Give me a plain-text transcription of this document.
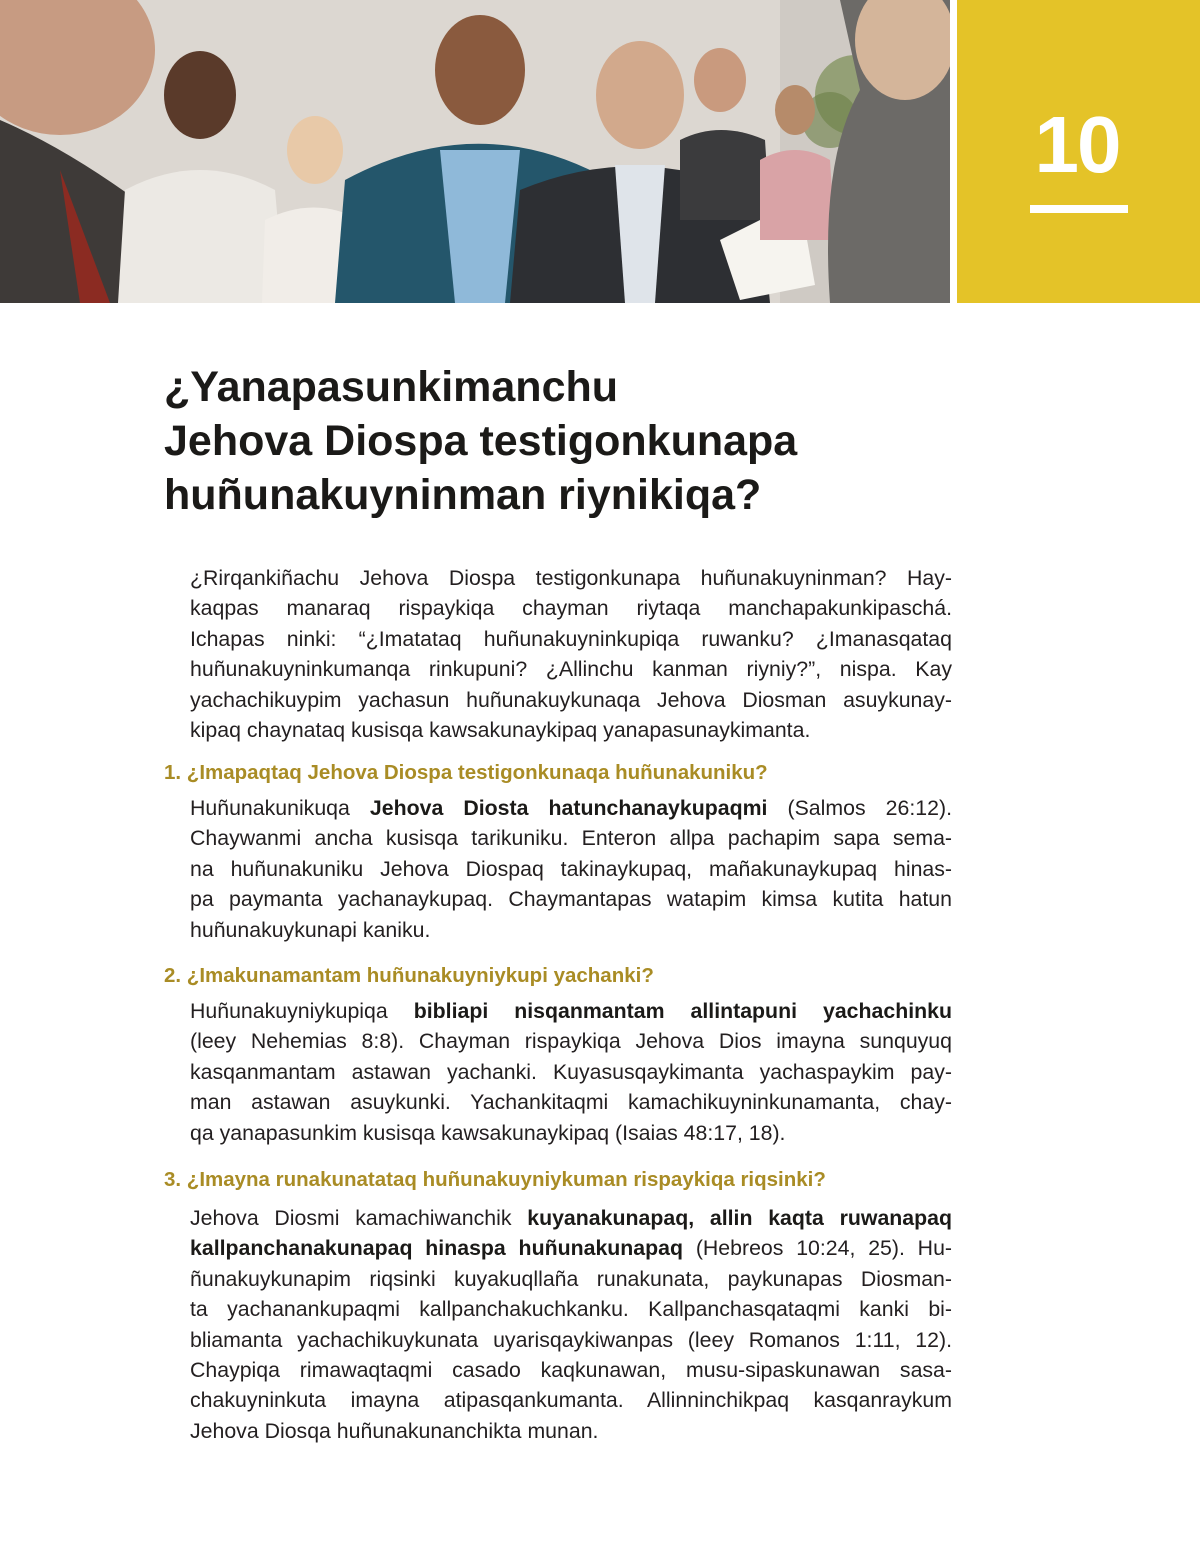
10
¿Yanapasunkimanchu
Jehova Diospa testigonkunapa
huñunakuyninman riynikiqa?
¿Rirqankiñachu Jehova Diospa testigonkunapa huñunakuyninman? Hay-
kaqpas manaraq rispaykiqa chayman riytaqa manchapakunkipaschá.
Ichapas ninki: “¿Imatataq huñunakuyninkupiqa ruwanku? ¿Imanasqataq
huñunakuyninkumanqa rinkupuni? ¿Allinchu kanman riyniy?”, nispa. Kay
yachachikuypim yachasun huñunakuykunaqa Jehova Diosman asuykunay-
kipaq chaynataq kusisqa kawsakunaykipaq yanapasunaykimanta.
1. ¿Imapaqtaq Jehova Diospa testigonkunaqa huñunakuniku?
Huñunakunikuqa Jehova Diosta hatunchanaykupaqmi (Salmos 26:12).
Chaywanmi ancha kusisqa tarikuniku. Enteron allpa pachapim sapa sema-
na huñunakuniku Jehova Diospaq takinaykupaq, mañakunaykupaq hinas-
pa paymanta yachanaykupaq. Chaymantapas watapim kimsa kutita hatun
huñunakuykunapi kaniku.
2. ¿Imakunamantam huñunakuyniykupi yachanki?
Huñunakuyniykupiqa bibliapi nisqanmantam allintapuni yachachinku
(leey Nehemias 8:8). Chayman rispaykiqa Jehova Dios imayna sunquyuq
kasqanmantam astawan yachanki. Kuyasusqaykimanta yachaspaykim pay-
man astawan asuykunki. Yachankitaqmi kamachikuyninkunamanta, chay-
qa yanapasunkim kusisqa kawsakunaykipaq (Isaias 48:17, 18).
3. ¿Imayna runakunatataq huñunakuyniykuman rispaykiqa riqsinki?
Jehova Diosmi kamachiwanchik kuyanakunapaq, allin kaqta ruwanapaq
kallpanchanakunapaq hinaspa huñunakunapaq (Hebreos 10:24, 25). Hu-
ñunakuykunapim riqsinki kuyakuqllaña runakunata, paykunapas Diosman-
ta yachanankupaqmi kallpanchakuchkanku. Kallpanchasqataqmi kanki bi-
bliamanta yachachikuykunata uyarisqaykiwanpas (leey Romanos 1:11, 12).
Chaypiqa rimawaqtaqmi casado kaqkunawan, musu-sipaskunawan sasa-
chakuyninkuta imayna atipasqankumanta. Allinninchikpaq kasqanraykum
Jehova Diosqa huñunakunanchikta munan.
